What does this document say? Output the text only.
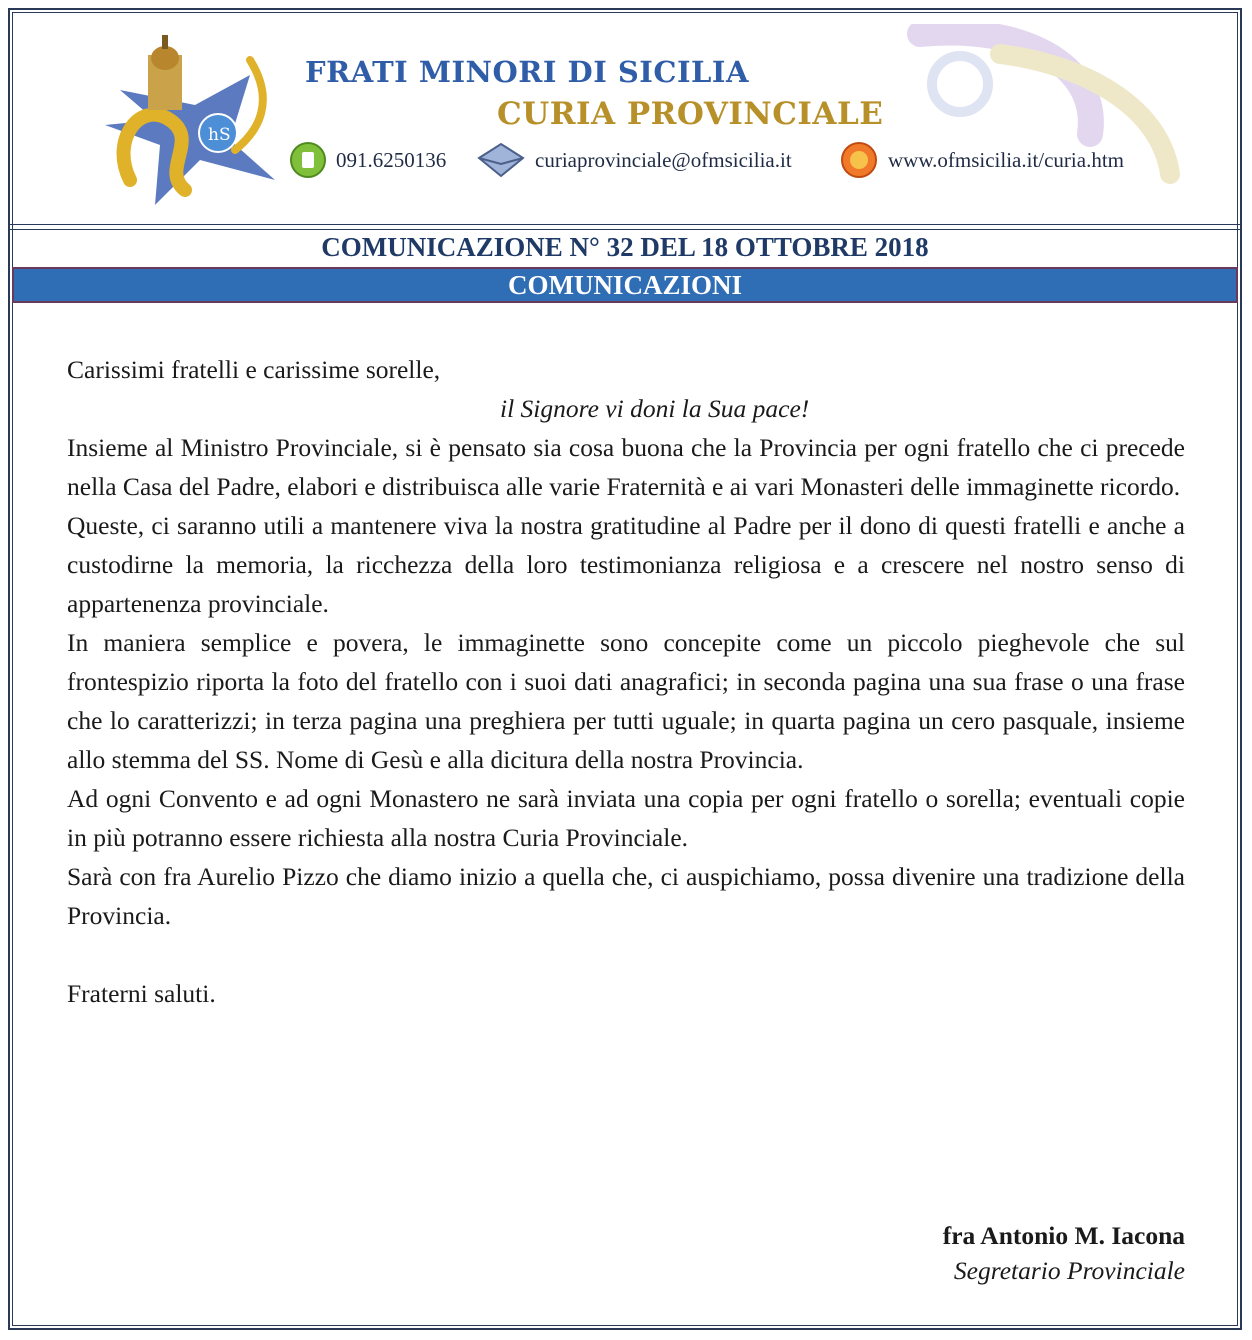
hS
FRATI MINORI DI SICILIA
CURIA PROVINCIALE
091.6250136	curiaprovinciale@ofmsicilia.it	www.ofmsicilia.it/curia.htm
COMUNICAZIONE N° 32 DEL 18 OTTOBRE 2018
COMUNICAZIONI

Carissimi fratelli e carissime sorelle,

il Signore vi doni la Sua pace!

Insieme al Ministro Provinciale, si è pensato sia cosa buona che la Provincia per ogni fratello che ci precede nella Casa del Padre, elabori e distribuisca alle varie Fraternità e ai vari Monasteri delle immaginette ricordo.

Queste, ci saranno utili a mantenere viva la nostra gratitudine al Padre per il dono di questi fratelli e anche a custodirne la memoria, la ricchezza della loro testimonianza religiosa e a crescere nel nostro senso di appartenenza provinciale.

In maniera semplice e povera, le immaginette sono concepite come un piccolo pieghevole che sul frontespizio riporta la foto del fratello con i suoi dati anagrafici; in seconda pagina una sua frase o una frase che lo caratterizzi; in terza pagina una preghiera per tutti uguale; in quarta pagina un cero pasquale, insieme allo stemma del SS. Nome di Gesù e alla dicitura della nostra Provincia.

Ad ogni Convento e ad ogni Monastero ne sarà inviata una copia per ogni fratello o sorella; eventuali copie in più potranno essere richiesta alla nostra Curia Provinciale.

Sarà con fra Aurelio Pizzo che diamo inizio a quella che, ci auspichiamo, possa divenire una tradizione della Provincia.

Fraterni saluti.

fra Antonio M. Iacona
Segretario Provinciale
